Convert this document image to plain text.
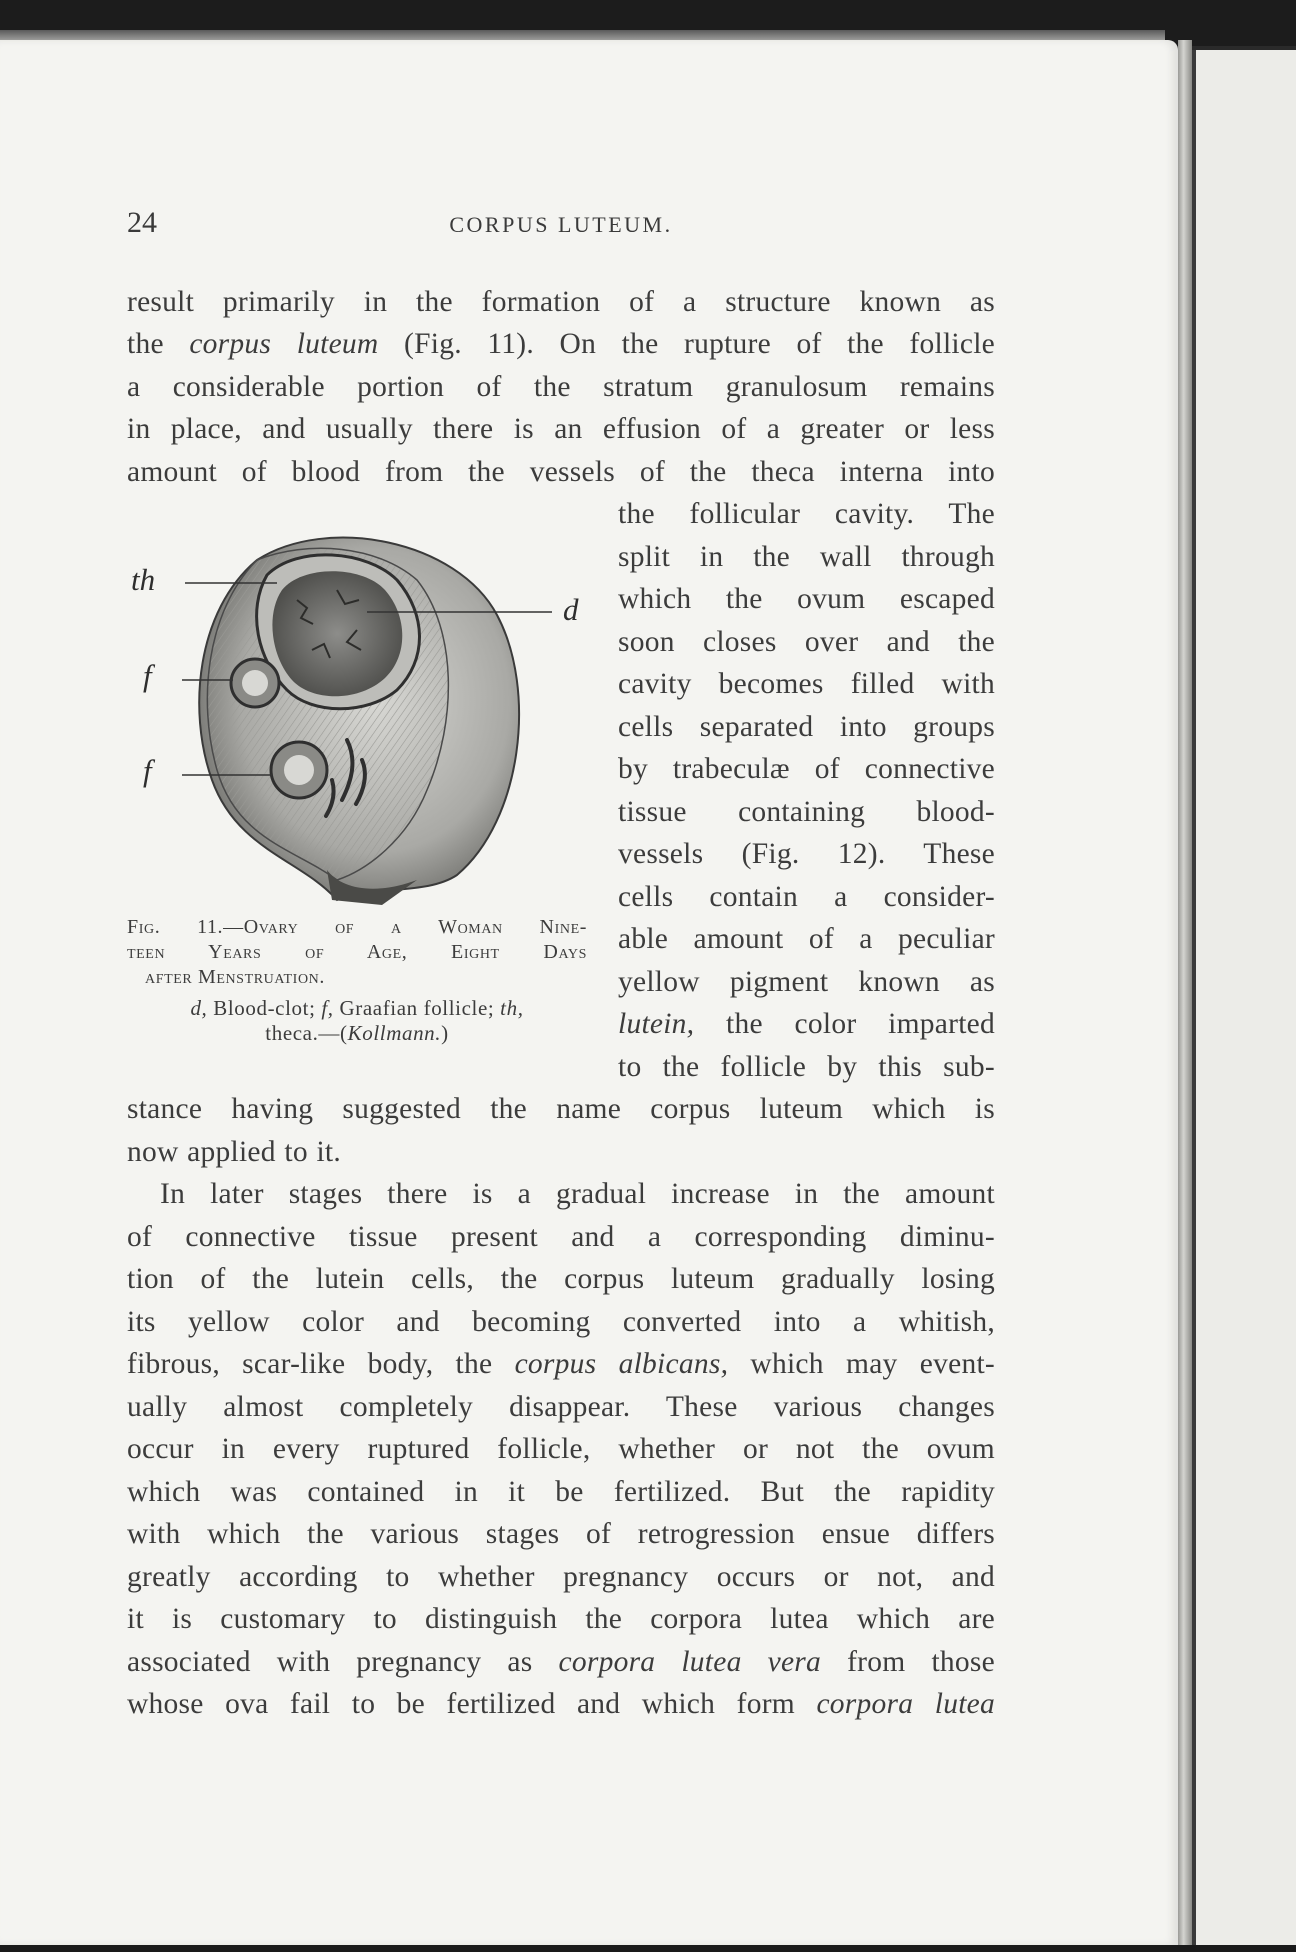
24	CORPUS LUTEUM.
result primarily in the formation of a structure known as
the corpus luteum (Fig. 11). On the rupture of the follicle
a considerable portion of the stratum granulosum remains
in place, and usually there is an effusion of a greater or less
amount of blood from the vessels of the theca interna into
the follicular cavity. The
split in the wall through
which the ovum escaped
soon closes over and the
cavity becomes filled with
cells separated into groups
by trabeculæ of connective
tissue containing blood-
vessels (Fig. 12). These
cells contain a consider-
able amount of a peculiar
yellow pigment known as
lutein, the color imparted
to the follicle by this sub-
stance having suggested the name corpus luteum which is
In later stages there is a gradual increase in the amount
of connective tissue present and a corresponding diminu-
tion of the lutein cells, the corpus luteum gradually losing
its yellow color and becoming converted into a whitish,
fibrous, scar-like body, the corpus albicans, which may event-
ually almost completely disappear. These various changes
occur in every ruptured follicle, whether or not the ovum
which was contained in it be fertilized. But the rapidity
with which the various stages of retrogression ensue differs
greatly according to whether pregnancy occurs or not, and
it is customary to distinguish the corpora lutea which are
associated with pregnancy as corpora lutea vera from those
whose ova fail to be fertilized and which form corpora lutea
th
d
f
f
Fig. 11.—Ovary of a Woman Nine-
teen Years of Age, Eight Days
after Menstruation.
d, Blood-clot; f, Graafian follicle; th,
theca.—(Kollmann.)
